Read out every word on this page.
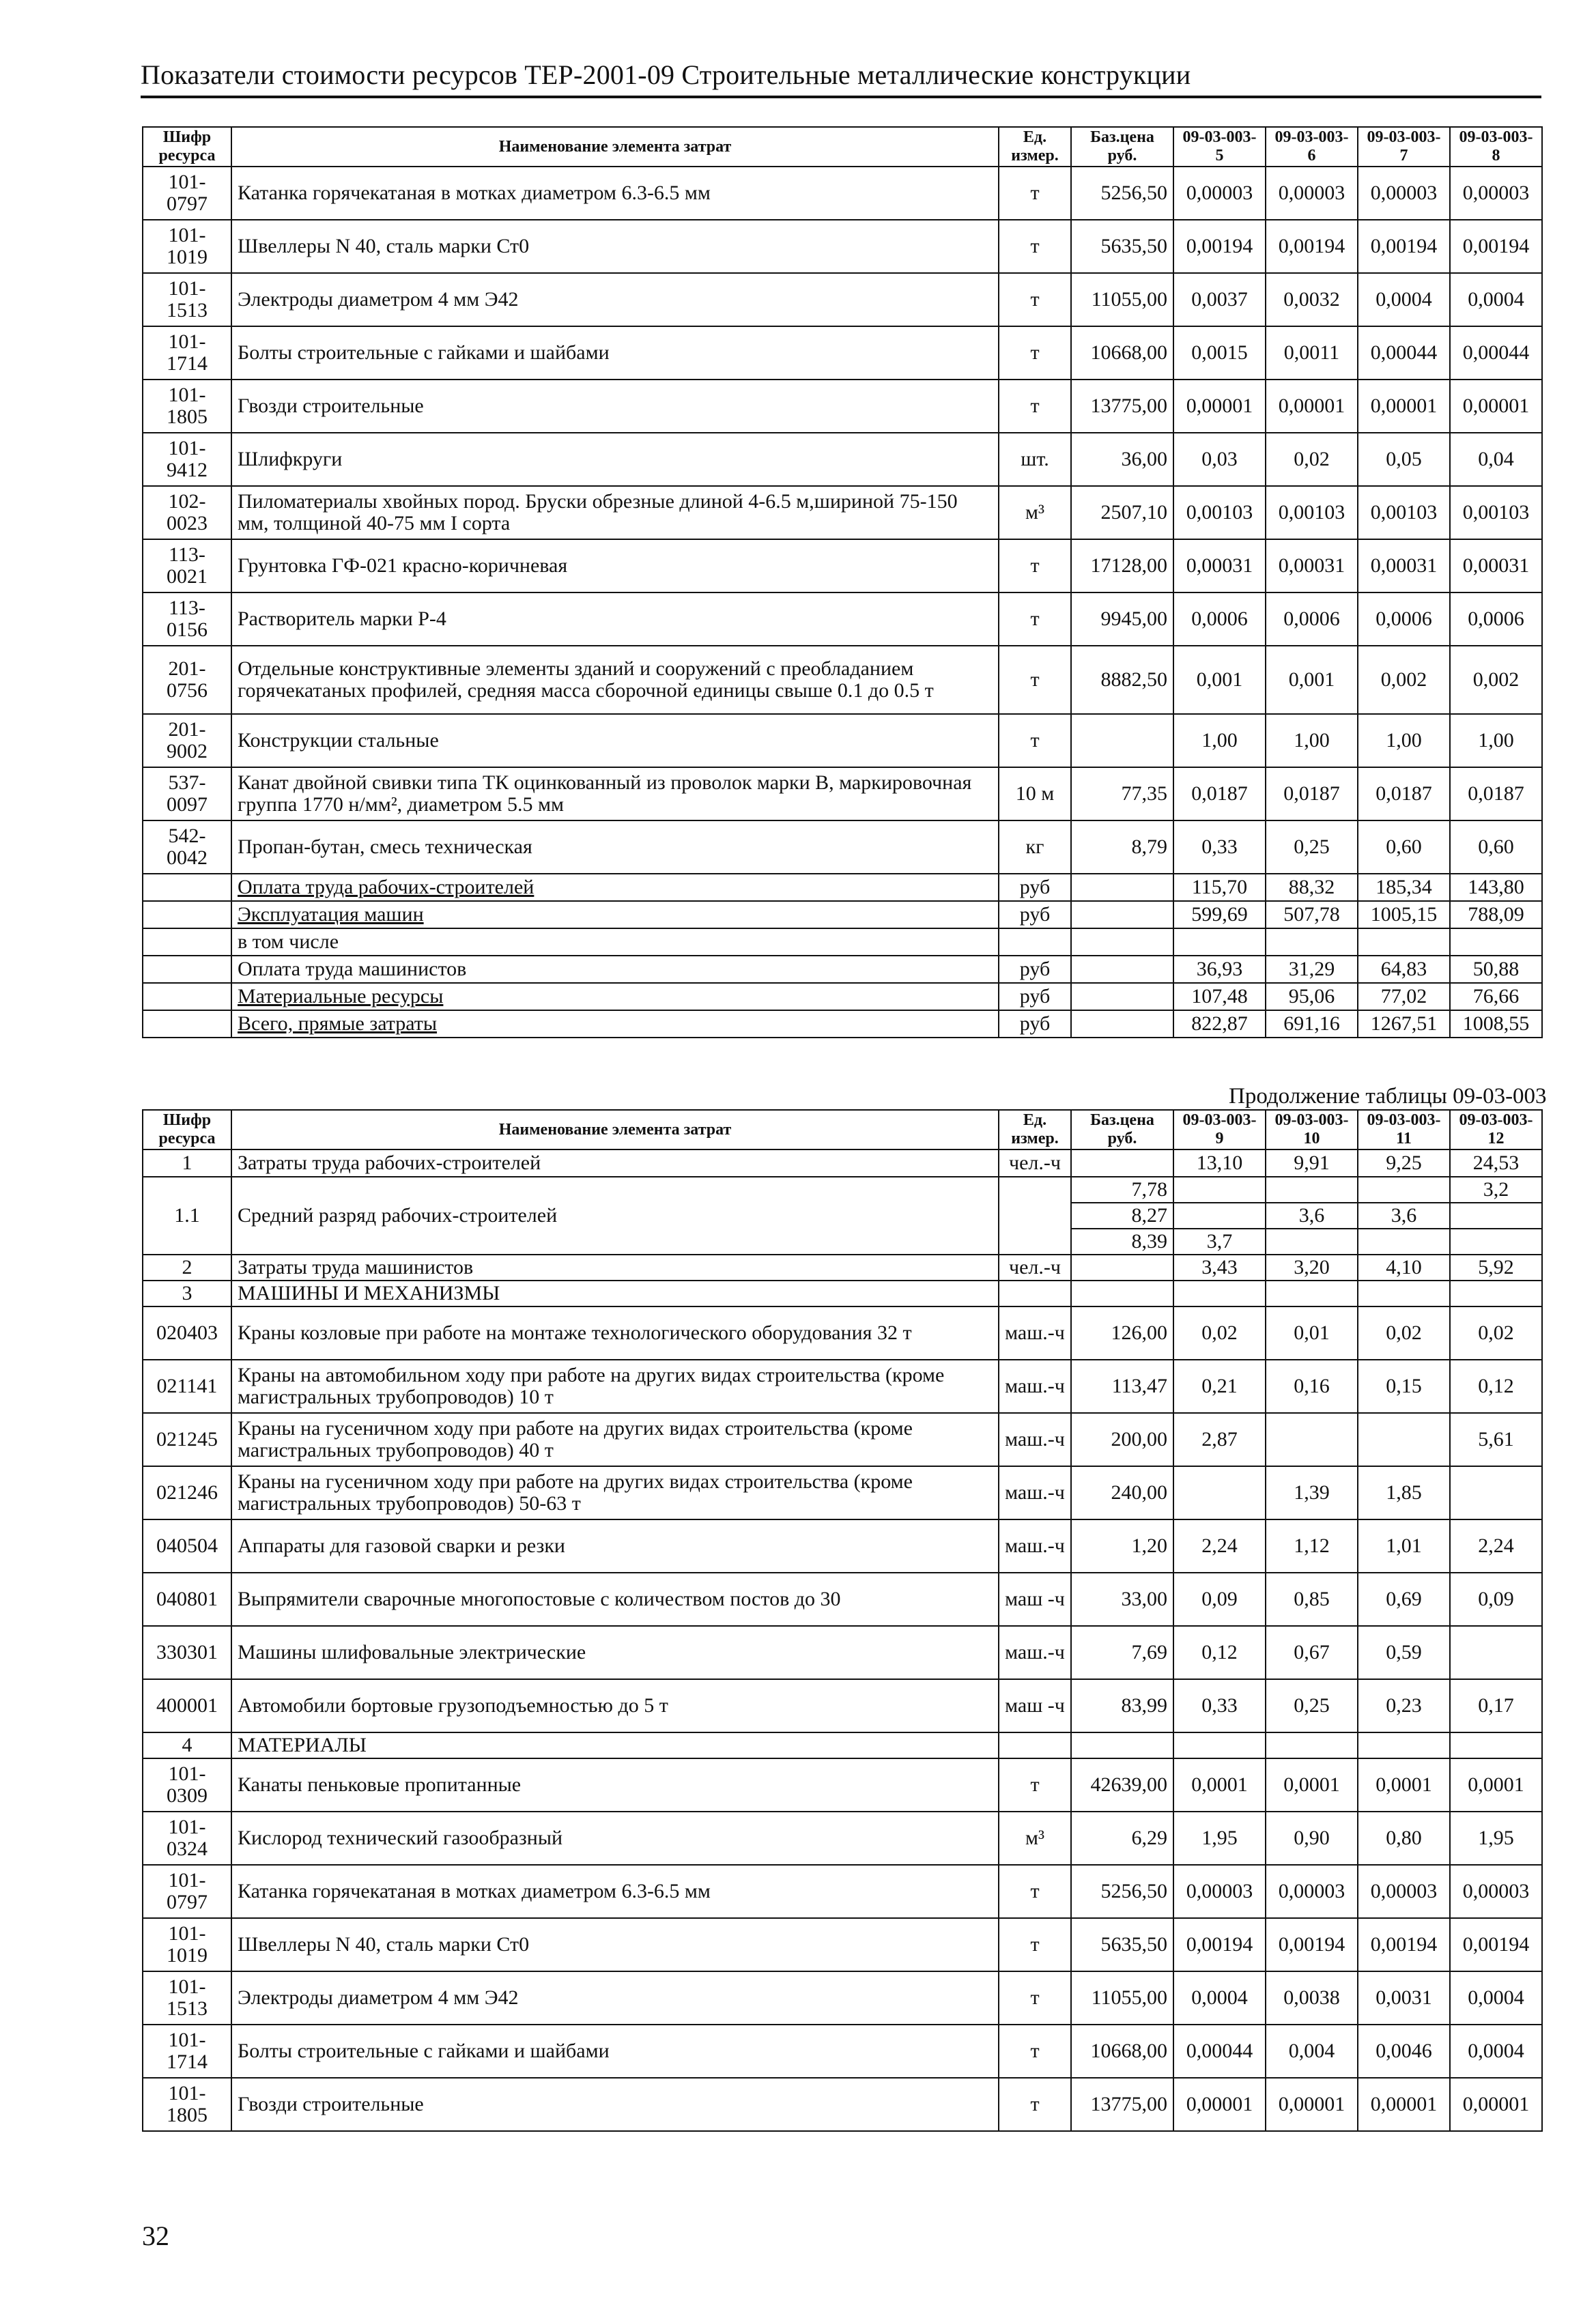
Показатели стоимости ресурсов ТЕР-2001-09 Строительные металлические конструкции
Шифр ресурса	Наименование элемента затрат	Ед. измер.	Баз.цена руб.	09-03-003-5	09-03-003-6	09-03-003-7	09-03-003-8
101-0797	Катанка горячекатаная в мотках диаметром 6.3-6.5 мм	т	5256,50	0,00003	0,00003	0,00003	0,00003
101-1019	Швеллеры N 40, сталь марки Ст0	т	5635,50	0,00194	0,00194	0,00194	0,00194
101-1513	Электроды диаметром 4 мм Э42	т	11055,00	0,0037	0,0032	0,0004	0,0004
101-1714	Болты строительные с гайками и шайбами	т	10668,00	0,0015	0,0011	0,00044	0,00044
101-1805	Гвозди строительные	т	13775,00	0,00001	0,00001	0,00001	0,00001
101-9412	Шлифкруги	шт.	36,00	0,03	0,02	0,05	0,04
102-0023	Пиломатериалы хвойных пород. Бруски обрезные длиной 4-6.5 м,шириной 75-150 мм, толщиной 40-75 мм I сорта	м³	2507,10	0,00103	0,00103	0,00103	0,00103
113-0021	Грунтовка ГФ-021 красно-коричневая	т	17128,00	0,00031	0,00031	0,00031	0,00031
113-0156	Растворитель марки Р-4	т	9945,00	0,0006	0,0006	0,0006	0,0006
201-0756	Отдельные конструктивные элементы зданий и сооружений с преобладанием горячекатаных профилей, средняя масса сборочной единицы свыше 0.1 до 0.5 т	т	8882,50	0,001	0,001	0,002	0,002
201-9002	Конструкции стальные	т		1,00	1,00	1,00	1,00
537-0097	Канат двойной свивки типа ТК оцинкованный из проволок марки В, маркировочная группа 1770 н/мм², диаметром 5.5 мм	10 м	77,35	0,0187	0,0187	0,0187	0,0187
542-0042	Пропан-бутан, смесь техническая	кг	8,79	0,33	0,25	0,60	0,60
	Оплата труда рабочих-строителей	руб		115,70	88,32	185,34	143,80
	Эксплуатация машин	руб		599,69	507,78	1005,15	788,09
	в том числе						
	Оплата труда машинистов	руб		36,93	31,29	64,83	50,88
	Материальные ресурсы	руб		107,48	95,06	77,02	76,66
	Всего, прямые затраты	руб		822,87	691,16	1267,51	1008,55
Продолжение таблицы 09-03-003
Шифр ресурса	Наименование элемента затрат	Ед. измер.	Баз.цена руб.	09-03-003-9	09-03-003-10	09-03-003-11	09-03-003-12
1	Затраты труда рабочих-строителей	чел.-ч		13,10	9,91	9,25	24,53
1.1	Средний разряд рабочих-строителей		7,78				3,2
			8,27		3,6	3,6	
			8,39	3,7			
2	Затраты труда машинистов	чел.-ч		3,43	3,20	4,10	5,92
3	МАШИНЫ И МЕХАНИЗМЫ						
020403	Краны козловые при работе на монтаже технологического оборудования 32 т	маш.-ч	126,00	0,02	0,01	0,02	0,02
021141	Краны на автомобильном ходу при работе на других видах строительства (кроме магистральных трубопроводов) 10 т	маш.-ч	113,47	0,21	0,16	0,15	0,12
021245	Краны на гусеничном ходу при работе на других видах строительства (кроме магистральных трубопроводов) 40 т	маш.-ч	200,00	2,87			5,61
021246	Краны на гусеничном ходу при работе на других видах строительства (кроме магистральных трубопроводов) 50-63 т	маш.-ч	240,00		1,39	1,85	
040504	Аппараты для газовой сварки и резки	маш.-ч	1,20	2,24	1,12	1,01	2,24
040801	Выпрямители сварочные многопостовые с количеством постов до 30	маш -ч	33,00	0,09	0,85	0,69	0,09
330301	Машины шлифовальные электрические	маш.-ч	7,69	0,12	0,67	0,59	
400001	Автомобили бортовые грузоподъемностью до 5 т	маш -ч	83,99	0,33	0,25	0,23	0,17
4	МАТЕРИАЛЫ						
101-0309	Канаты пеньковые пропитанные	т	42639,00	0,0001	0,0001	0,0001	0,0001
101-0324	Кислород технический газообразный	м³	6,29	1,95	0,90	0,80	1,95
101-0797	Катанка горячекатаная в мотках диаметром 6.3-6.5 мм	т	5256,50	0,00003	0,00003	0,00003	0,00003
101-1019	Швеллеры N 40, сталь марки Ст0	т	5635,50	0,00194	0,00194	0,00194	0,00194
101-1513	Электроды диаметром 4 мм Э42	т	11055,00	0,0004	0,0038	0,0031	0,0004
101-1714	Болты строительные с гайками и шайбами	т	10668,00	0,00044	0,004	0,0046	0,0004
101-1805	Гвозди строительные	т	13775,00	0,00001	0,00001	0,00001	0,00001
32
